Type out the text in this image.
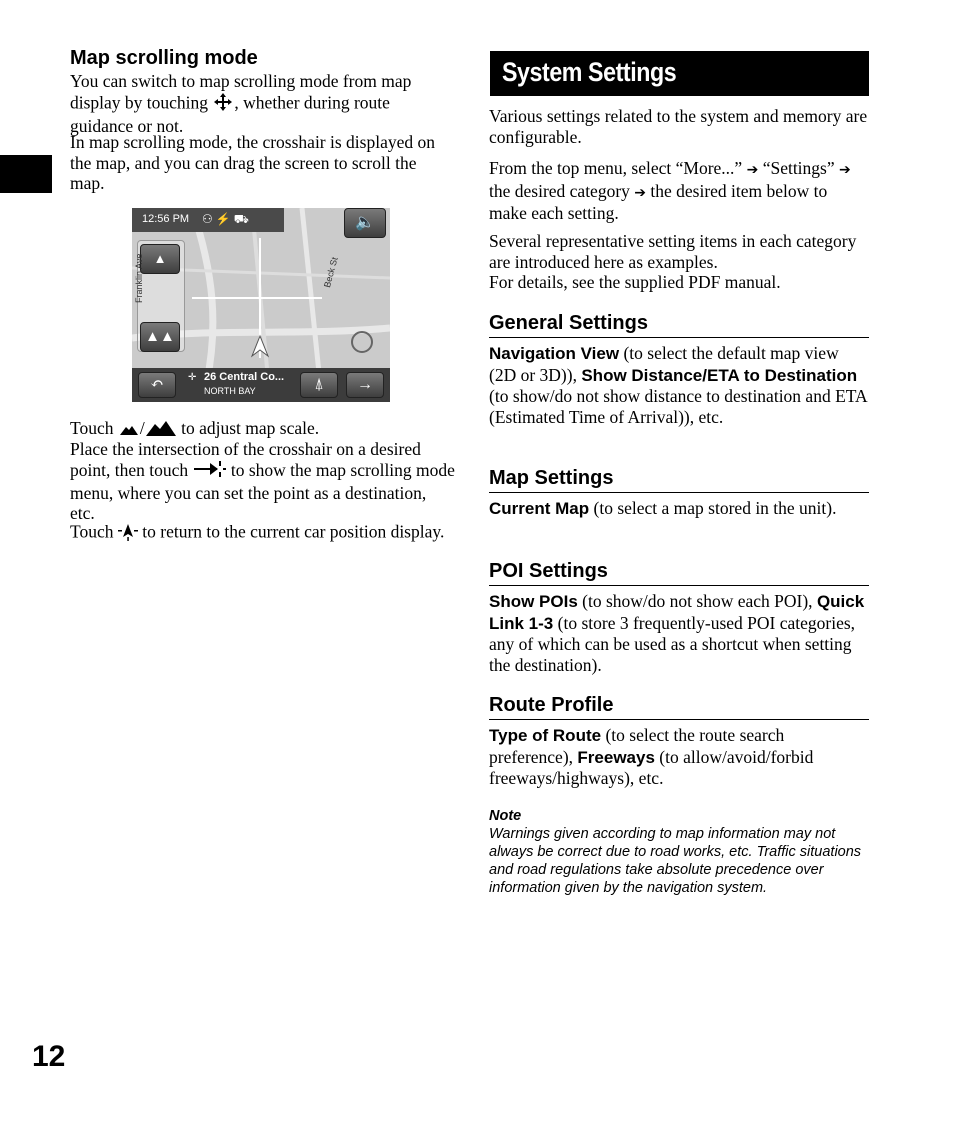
Map scrolling mode
You can switch to map scrolling mode from map display by touching , whether during route guidance or not.
In map scrolling mode, the crosshair is displayed on the map, and you can drag the screen to scroll the map.
12:56 PM ⚇ ⚡ ⛟	🔈
▲
▲▲
Franklin Ave	Beck St
↶	✛ 26 Central Co...
NORTH BAY	⍋	→
Touch / to adjust map scale.
Place the intersection of the crosshair on a desired point, then touch to show the map scrolling mode menu, where you can set the point as a destination, etc.
Touch to return to the current car position display.
System Settings
Various settings related to the system and memory are configurable.
From the top menu, select “More...” ➔ “Settings” ➔ the desired category ➔ the desired item below to make each setting.
Several representative setting items in each category are introduced here as examples.
For details, see the supplied PDF manual.
General Settings
Navigation View (to select the default map view (2D or 3D)), Show Distance/ETA to Destination (to show/do not show distance to destination and ETA (Estimated Time of Arrival)), etc.
Map Settings
Current Map (to select a map stored in the unit).
POI Settings
Show POIs (to show/do not show each POI), Quick Link 1-3 (to store 3 frequently-used POI categories, any of which can be used as a shortcut when setting the destination).
Route Profile
Type of Route (to select the route search preference), Freeways (to allow/avoid/forbid freeways/highways), etc.
Note
Warnings given according to map information may not always be correct due to road works, etc. Traffic situations and road regulations take absolute precedence over information given by the navigation system.
12
